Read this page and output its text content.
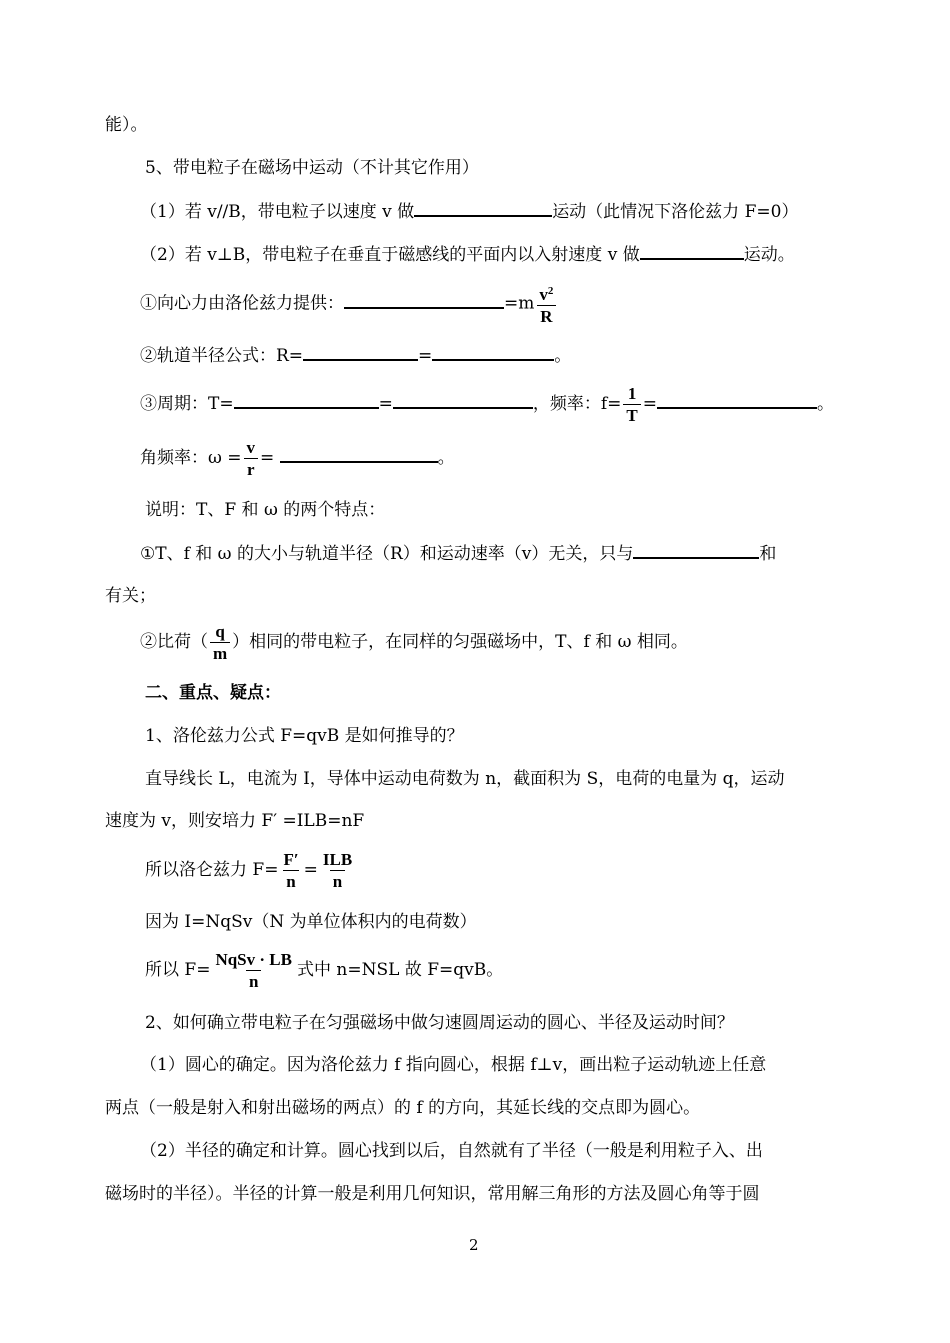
能）。
5、带电粒子在磁场中运动（不计其它作用）
（1）若 v//B，带电粒子以速度 v 做	运动（此情况下洛伦兹力 F=0）
（2）若 v⊥B，带电粒子在垂直于磁感线的平面内以入射速度 v 做	运动。
①向心力由洛伦兹力提供：	$=m \frac{v^2}{R}$
②轨道半径公式：R=	=	。
③周期：T=	=	，频率：$f= \frac{1}{T}$ =	。
角频率：$\omega = \frac{v}{r}$ =	。
说明：T、F 和 ω 的两个特点：
①T、f 和 ω 的大小与轨道半径（R）和运动速率（v）无关，只与	和
有关；
②比荷（ $\frac{q}{m}$ ）相同的带电粒子，在同样的匀强磁场中，T、f 和 ω 相同。
二、重点、疑点：
1、洛伦兹力公式 F=qvB 是如何推导的？
直导线长 L，电流为 I，导体中运动电荷数为 n，截面积为 S，电荷的电量为 q，运动
速度为 v，则安培力 F′ =ILB=nF
所以洛仑兹力 $F= \frac{F'}{n} = \frac{\text{ILB}}{n}$
因为 I=NqSv（N 为单位体积内的电荷数）
所以 $F= \frac{\text{NqSv · LB}}{n}$ 式中 n=NSL 故 F=qvB。
2、如何确立带电粒子在匀强磁场中做匀速圆周运动的圆心、半径及运动时间？
（1）圆心的确定。因为洛伦兹力 f 指向圆心，根据 f⊥v，画出粒子运动轨迹上任意
两点（一般是射入和射出磁场的两点）的 f 的方向，其延长线的交点即为圆心。
（2）半径的确定和计算。圆心找到以后，自然就有了半径（一般是利用粒子入、出
磁场时的半径）。半径的计算一般是利用几何知识，常用解三角形的方法及圆心角等于圆
2
